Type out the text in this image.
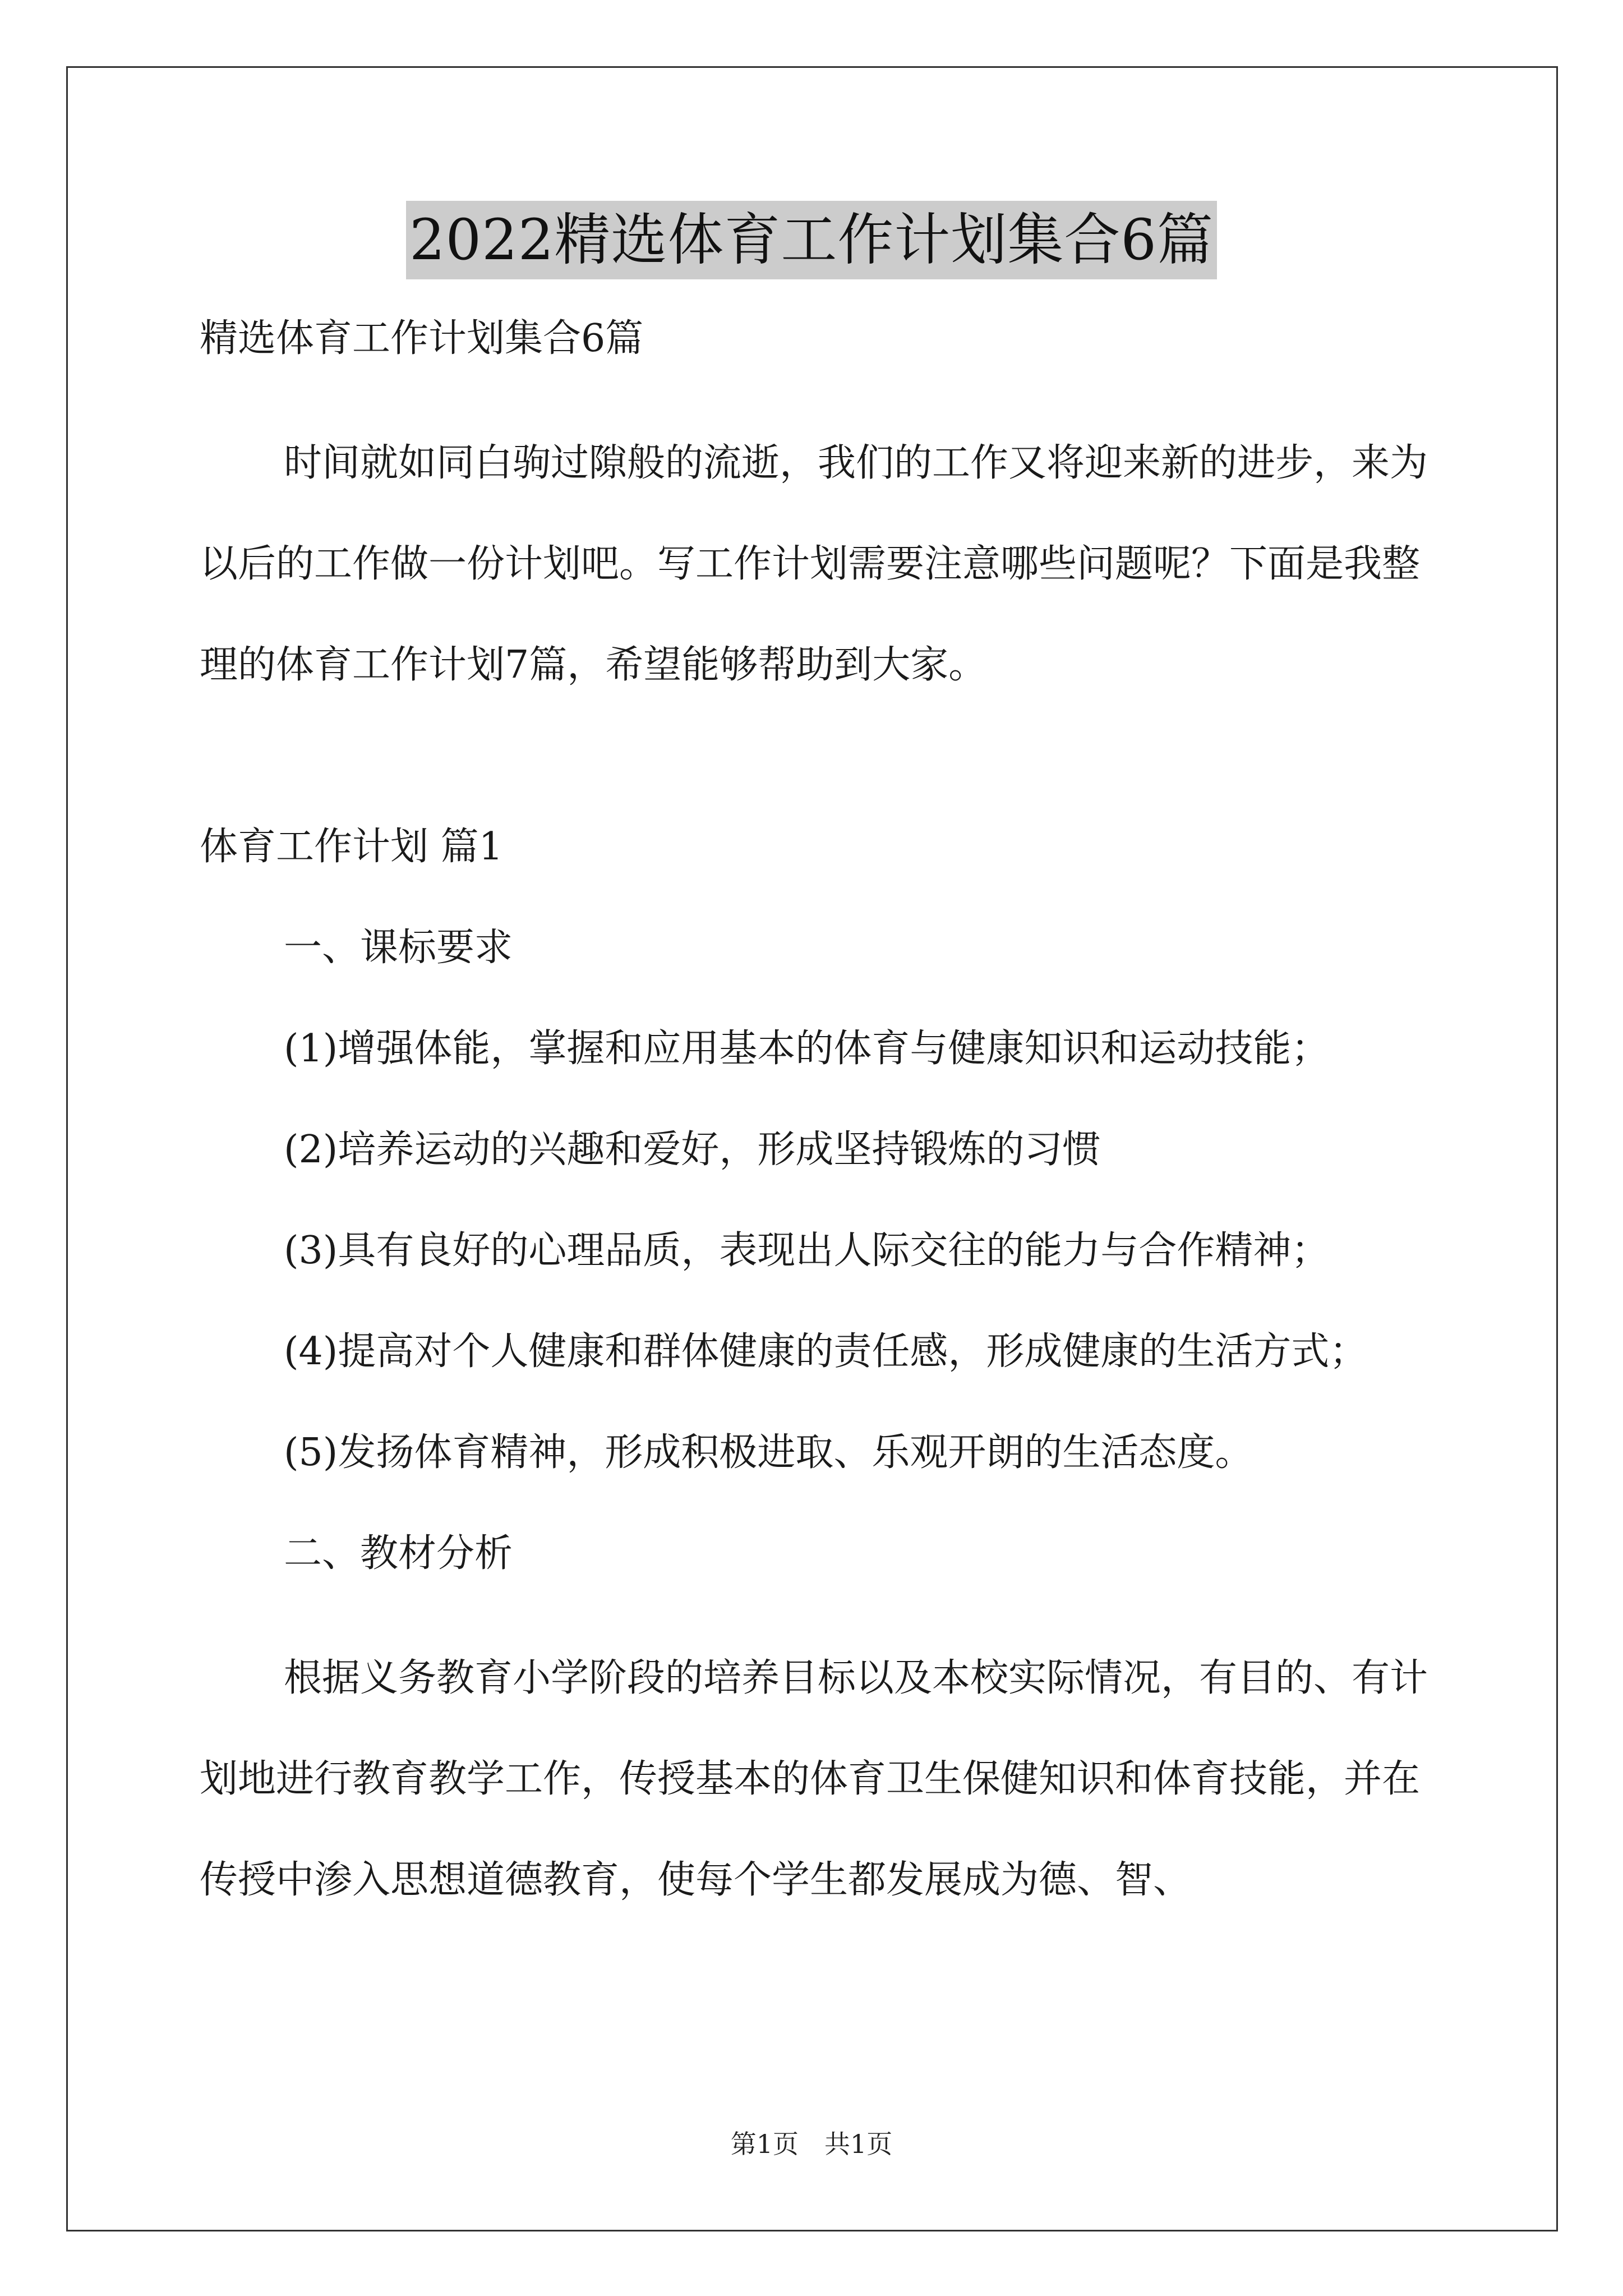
2022精选体育工作计划集合6篇

精选体育工作计划集合6篇

时间就如同白驹过隙般的流逝，我们的工作又将迎来新的进步，来为以后的工作做一份计划吧。写工作计划需要注意哪些问题呢？下面是我整理的体育工作计划7篇，希望能够帮助到大家。

体育工作计划 篇1

一、课标要求

(1)增强体能，掌握和应用基本的体育与健康知识和运动技能；

(2)培养运动的兴趣和爱好，形成坚持锻炼的习惯

(3)具有良好的心理品质，表现出人际交往的能力与合作精神；

(4)提高对个人健康和群体健康的责任感，形成健康的生活方式；

(5)发扬体育精神，形成积极进取、乐观开朗的生活态度。

二、教材分析

根据义务教育小学阶段的培养目标以及本校实际情况，有目的、有计划地进行教育教学工作，传授基本的体育卫生保健知识和体育技能，并在传授中渗入思想道德教育，使每个学生都发展成为德、智、

第1页　共1页
